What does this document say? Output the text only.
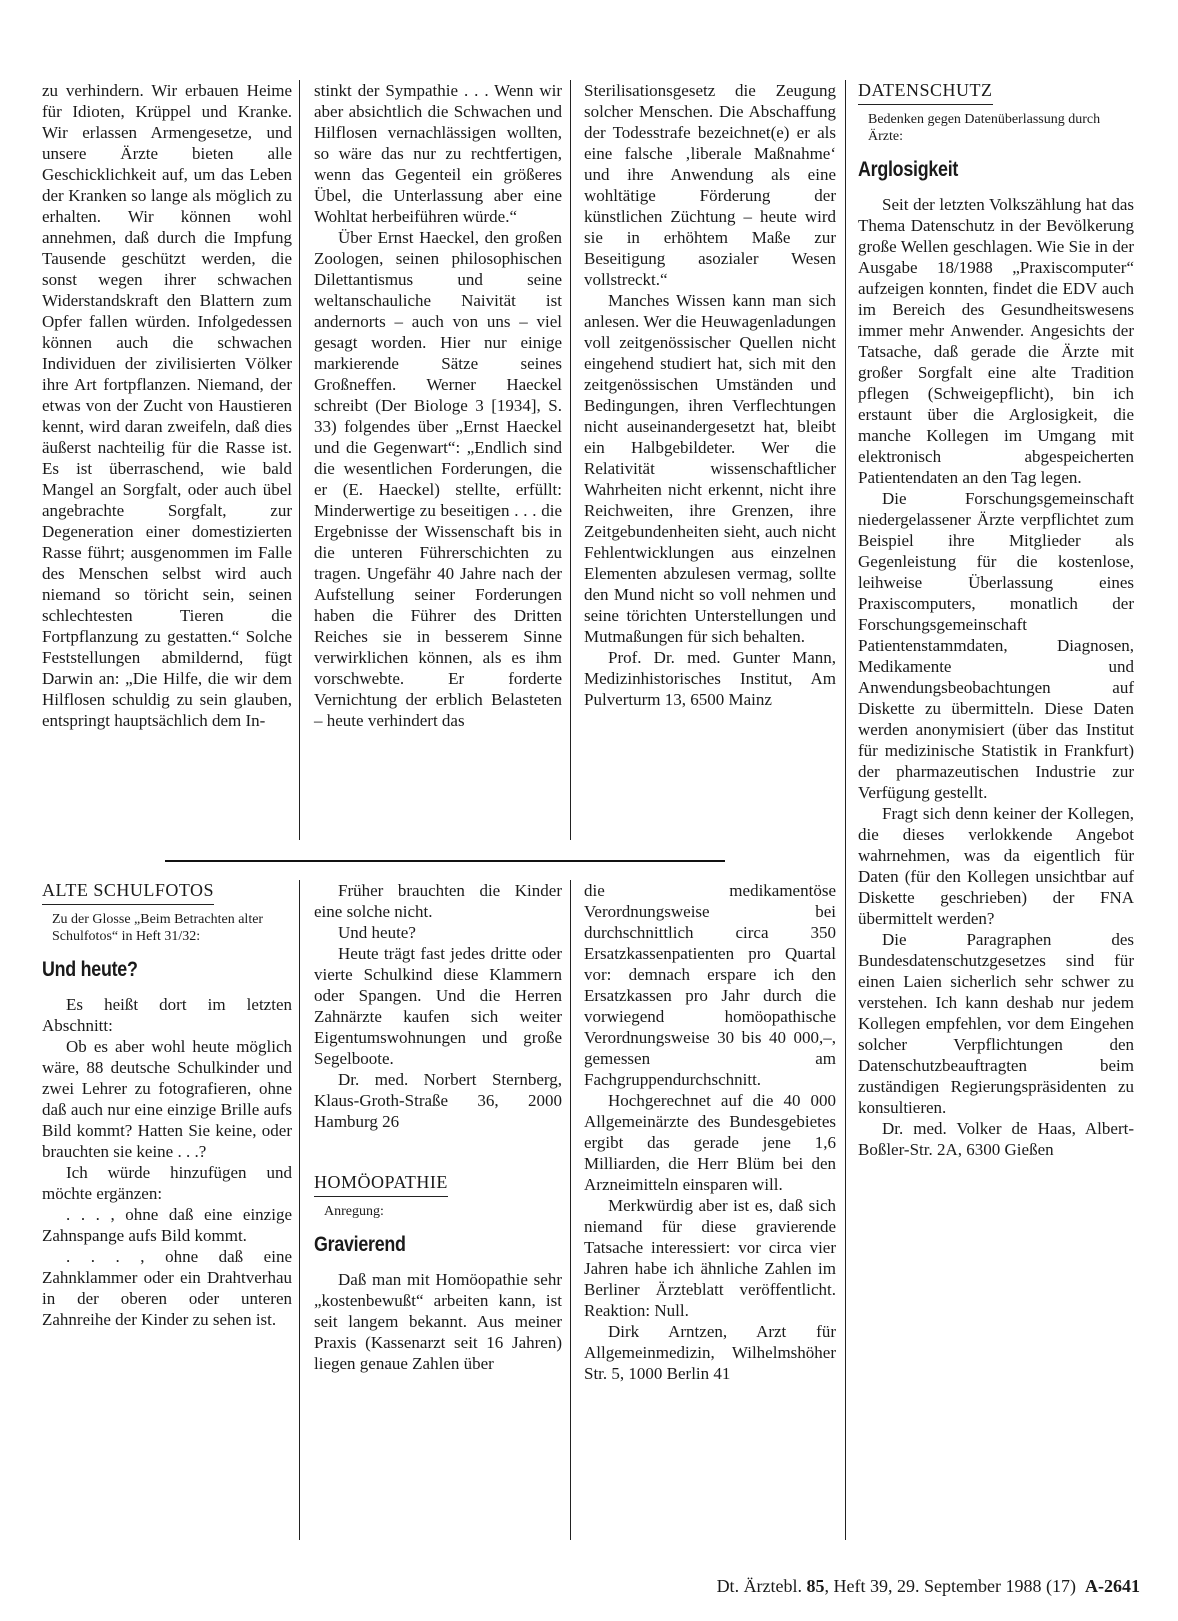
zu verhindern. Wir erbauen Heime für Idioten, Krüppel und Kranke. Wir erlassen Armengesetze, und unsere Ärzte bieten alle Geschicklichkeit auf, um das Leben der Kranken so lange als möglich zu erhalten. Wir können wohl annehmen, daß durch die Impfung Tausende geschützt werden, die sonst wegen ihrer schwachen Widerstandskraft den Blattern zum Opfer fallen würden. Infolgedessen können auch die schwachen Individuen der zivilisierten Völker ihre Art fortpflanzen. Niemand, der etwas von der Zucht von Haustieren kennt, wird daran zweifeln, daß dies äußerst nachteilig für die Rasse ist. Es ist überraschend, wie bald Mangel an Sorgfalt, oder auch übel angebrachte Sorgfalt, zur Degeneration einer domestizierten Rasse führt; ausgenommen im Falle des Menschen selbst wird auch niemand so töricht sein, seinen schlechtesten Tieren die Fortpflanzung zu gestatten.“ Solche Feststellungen abmildernd, fügt Darwin an: „Die Hilfe, die wir dem Hilflosen schuldig zu sein glauben, entspringt hauptsächlich dem In-

stinkt der Sympathie . . . Wenn wir aber absichtlich die Schwachen und Hilflosen vernachlässigen wollten, so wäre das nur zu rechtfertigen, wenn das Gegenteil ein größeres Übel, die Unterlassung aber eine Wohltat herbeiführen würde.“

Über Ernst Haeckel, den großen Zoologen, seinen philosophischen Dilettantismus und seine weltanschauliche Naivität ist andernorts – auch von uns – viel gesagt worden. Hier nur einige markierende Sätze seines Großneffen. Werner Haeckel schreibt (Der Biologe 3 [1934], S. 33) folgendes über „Ernst Haeckel und die Gegenwart“: „Endlich sind die wesentlichen Forderungen, die er (E. Haeckel) stellte, erfüllt: Minderwertige zu beseitigen . . . die Ergebnisse der Wissenschaft bis in die unteren Führerschichten zu tragen. Ungefähr 40 Jahre nach der Aufstellung seiner Forderungen haben die Führer des Dritten Reiches sie in besserem Sinne verwirklichen können, als es ihm vorschwebte. Er forderte Vernichtung der erblich Belasteten – heute verhindert das

Sterilisationsgesetz die Zeugung solcher Menschen. Die Abschaffung der Todesstrafe bezeichnet(e) er als eine falsche ‚liberale Maßnahme‘ und ihre Anwendung als eine wohltätige Förderung der künstlichen Züchtung – heute wird sie in erhöhtem Maße zur Beseitigung asozialer Wesen vollstreckt.“

Manches Wissen kann man sich anlesen. Wer die Heuwagenladungen voll zeitgenössischer Quellen nicht eingehend studiert hat, sich mit den zeitgenössischen Umständen und Bedingungen, ihren Verflechtungen nicht auseinandergesetzt hat, bleibt ein Halbgebildeter. Wer die Relativität wissenschaftlicher Wahrheiten nicht erkennt, nicht ihre Reichweiten, ihre Grenzen, ihre Zeitgebundenheiten sieht, auch nicht Fehlentwicklungen aus einzelnen Elementen abzulesen vermag, sollte den Mund nicht so voll nehmen und seine törichten Unterstellungen und Mutmaßungen für sich behalten.

Prof. Dr. med. Gunter Mann, Medizinhistorisches Institut, Am Pulverturm 13, 6500 Mainz

DATENSCHUTZ
Bedenken gegen Datenüberlassung durch Ärzte:
Arglosigkeit

Seit der letzten Volkszählung hat das Thema Datenschutz in der Bevölkerung große Wellen geschlagen. Wie Sie in der Ausgabe 18/1988 „Praxiscomputer“ aufzeigen konnten, findet die EDV auch im Bereich des Gesundheitswesens immer mehr Anwender. Angesichts der Tatsache, daß gerade die Ärzte mit großer Sorgfalt eine alte Tradition pflegen (Schweigepflicht), bin ich erstaunt über die Arglosigkeit, die manche Kollegen im Umgang mit elektronisch abgespeicherten Patientendaten an den Tag legen.

Die Forschungsgemeinschaft niedergelassener Ärzte verpflichtet zum Beispiel ihre Mitglieder als Gegenleistung für die kostenlose, leihweise Überlassung eines Praxiscomputers, monatlich der Forschungsgemeinschaft Patientenstammdaten, Diagnosen, Medikamente und Anwendungsbeobachtungen auf Diskette zu übermitteln. Diese Daten werden anonymisiert (über das Institut für medizinische Statistik in Frankfurt) der pharmazeutischen Industrie zur Verfügung gestellt.

Fragt sich denn keiner der Kollegen, die dieses verlokkende Angebot wahrnehmen, was da eigentlich für Daten (für den Kollegen unsichtbar auf Diskette geschrieben) der FNA übermittelt werden?

Die Paragraphen des Bundesdatenschutzgesetzes sind für einen Laien sicherlich sehr schwer zu verstehen. Ich kann deshab nur jedem Kollegen empfehlen, vor dem Eingehen solcher Verpflichtungen den Datenschutzbeauftragten beim zuständigen Regierungspräsidenten zu konsultieren.

Dr. med. Volker de Haas, Albert-Boßler-Str. 2A, 6300 Gießen

ALTE SCHULFOTOS
Zu der Glosse „Beim Betrachten alter Schulfotos“ in Heft 31/32:
Und heute?

Es heißt dort im letzten Abschnitt:

Ob es aber wohl heute möglich wäre, 88 deutsche Schulkinder und zwei Lehrer zu fotografieren, ohne daß auch nur eine einzige Brille aufs Bild kommt? Hatten Sie keine, oder brauchten sie keine . . .?

Ich würde hinzufügen und möchte ergänzen:

. . . , ohne daß eine einzige Zahnspange aufs Bild kommt.

. . . , ohne daß eine Zahnklammer oder ein Drahtverhau in der oberen oder unteren Zahnreihe der Kinder zu sehen ist.

Früher brauchten die Kinder eine solche nicht.

Und heute?

Heute trägt fast jedes dritte oder vierte Schulkind diese Klammern oder Spangen. Und die Herren Zahnärzte kaufen sich weiter Eigentumswohnungen und große Segelboote.

Dr. med. Norbert Sternberg, Klaus-Groth-Straße 36, 2000 Hamburg 26

HOMÖOPATHIE
Anregung:
Gravierend

Daß man mit Homöopathie sehr „kostenbewußt“ arbeiten kann, ist seit langem bekannt. Aus meiner Praxis (Kassenarzt seit 16 Jahren) liegen genaue Zahlen über

die medikamentöse Verordnungsweise bei durchschnittlich circa 350 Ersatzkassenpatienten pro Quartal vor: demnach erspare ich den Ersatzkassen pro Jahr durch die vorwiegend homöopathische Verordnungsweise 30 bis 40 000,–, gemessen am Fachgruppendurchschnitt.

Hochgerechnet auf die 40 000 Allgemeinärzte des Bundesgebietes ergibt das gerade jene 1,6 Milliarden, die Herr Blüm bei den Arzneimitteln einsparen will.

Merkwürdig aber ist es, daß sich niemand für diese gravierende Tatsache interessiert: vor circa vier Jahren habe ich ähnliche Zahlen im Berliner Ärzteblatt veröffentlicht. Reaktion: Null.

Dirk Arntzen, Arzt für Allgemeinmedizin, Wilhelmshöher Str. 5, 1000 Berlin 41

Dt. Ärztebl. 85, Heft 39, 29. September 1988 (17) A-2641
